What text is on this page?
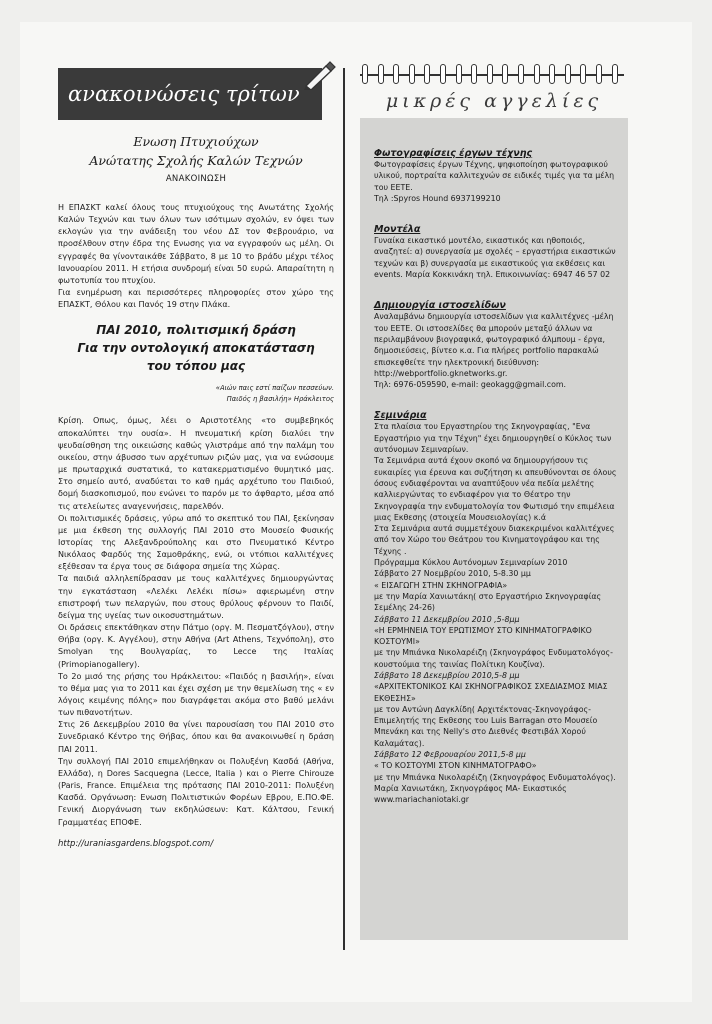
ανακοινώσεις τρίτων
Ενωση Πτυχιούχων
Ανώτατης Σχολής Καλών Τεχνών
ΑΝΑΚΟΙΝΩΣΗ

Η ΕΠΑΣΚΤ καλεί όλους τους πτυχιούχους της Ανωτάτης Σχολής Καλών Τεχνών και των όλων των ισότιμων σχολών, εν όψει των εκλογών για την ανάδειξη του νέου ΔΣ τον Φεβρουάριο, να προσέλθουν στην έδρα της Ενωσης για να εγγραφούν ως μέλη. Οι εγγραφές θα γίνονταικάθε Σάββατο, 8 με 10 το βράδυ μέχρι τέλος Ιανουαρίου 2011. Η ετήσια συνδρομή είναι 50 ευρώ. Απαραίτητη η φωτοτυπία του πτυχίου.

Για ενημέρωση και περισσότερες πληροφορίες στον χώρο της ΕΠΑΣΚΤ, Θόλου και Πανός 19 στην Πλάκα.

ΠΑΙ 2010, πολιτισμική δράση
Για την οντολογική αποκατάσταση
του τόπου μας
«Αιών παις εστί παίζων πεσσεύων.
Παιδός η βασιλήη» Ηράκλειτος

Κρίση. Οπως, όμως, λέει ο Αριστοτέλης «το συμβεβηκός αποκαλύπτει την ουσία». Η πνευματική κρίση διαλύει την ψευδαίσθηση της οικειώσης καθώς γλιστράμε από την παλάμη του οικείου, στην άβυσσο των αρχέτυπων ριζών μας, για να ενώσουμε με πρωταρχικά συστατικά, το κατακερματισμένο θυμητικό μας. Στο σημείο αυτό, αναδύεται το καθ ημάς αρχέτυπο του Παιδιού, δομή διασκοπισμού, που ενώνει το παρόν με το άφθαρτο, μέσα από τις ατελείωτες αναγεννήσεις, παρελθόν.

Οι πολιτισμικές δράσεις, γύρω από το σκεπτικό του ΠΑΙ, ξεκίνησαν με μια έκθεση της συλλογής ΠΑΙ 2010 στο Μουσείο Φυσικής Ιστορίας της Αλεξανδρούπολης και στο Πνευματικό Κέντρο Νικόλαος Φαρδύς της Σαμοθράκης, ενώ, οι ντόπιοι καλλιτέχνες εξέθεσαν τα έργα τους σε διάφορα σημεία της Χώρας.

Τα παιδιά αλληλεπίδρασαν με τους καλλιτέχνες δημιουργώντας την εγκατάσταση «Λελέκι Λελέκι πίσω» αφιερωμένη στην επιστροφή των πελαργών, που στους θρύλους φέρνουν το Παιδί, δείγμα της υγείας των οικοσυστημάτων.

Οι δράσεις επεκτάθηκαν στην Πάτμο (οργ. Μ. Πεσματζόγλου), στην Θήβα (οργ. Κ. Αγγέλου), στην Αθήνα (Art Athens, Τεχνόπολη), στο Smolyan της Βουλγαρίας, το Lecce της Ιταλίας (Primopianogallery).

Το 2ο μισό της ρήσης του Ηράκλειτου: «Παιδός η βασιλήη», είναι το θέμα μας για το 2011 και έχει σχέση με την θεμελίωση της « εν λόγοις κειμένης πόλης» που διαγράφεται ακόμα στο βαθύ μελάνι των πιθανοτήτων.

Στις 26 Δεκεμβρίου 2010 θα γίνει παρουσίαση του ΠΑΙ 2010 στο Συνεδριακό Κέντρο της Θήβας, όπου και θα ανακοινωθεί η δράση ΠΑΙ 2011.

Την συλλογή ΠΑΙ 2010 επιμελήθηκαν οι Πολυξένη Κασδά (Αθήνα, Ελλάδα), η Dores Sacquegna (Lecce, Italia ) και ο Pierre Chirouze (Paris, France. Επιμέλεια της πρότασης ΠΑΙ 2010-2011: Πολυξένη Κασδά. Οργάνωση: Ενωση Πολιτιστικών Φορέων Εβρου, Ε.ΠΟ.ΦΕ. Γενική Διοργάνωση των εκδηλώσεων: Κατ. Κάλτσου, Γενική Γραμματέας ΕΠΟΦΕ.

http://uraniasgardens.blogspot.com/
μικρές αγγελίες
Φωτογραφίσεις έργων τέχνης

Φωτογραφίσεις έργων Τέχνης, ψηφιοποίηση φωτογραφικού υλικού, πορτραίτα καλλιτεχνών σε ειδικές τιμές για τα μέλη του ΕΕΤΕ.

Τηλ :Spyros Hound 6937199210

Μοντέλα

Γυναίκα εικαστικό μοντέλο, εικαστικός και ηθοποιός, αναζητεί: α) συνεργασία με σχολές – εργαστήρια εικαστικών τεχνών και β) συνεργασία με εικαστικούς για εκθέσεις και events. Μαρία Κοκκινάκη τηλ. Επικοινωνίας: 6947 46 57 02

Δημιουργία ιστοσελίδων

Αναλαμβάνω δημιουργία ιστοσελίδων για καλλιτέχνες -μέλη του ΕΕΤΕ. Οι ιστοσελίδες θα μπορούν μεταξύ άλλων να περιλαμβάνουν βιογραφικά, φωτογραφικό άλμπουμ - έργα, δημοσιεύσεις, βίντεο κ.α. Για πλήρες portfolio παρακαλώ επισκεφθείτε την ηλεκτρονική διεύθυνση: http://webportfolio.gknetworks.gr.

Τηλ: 6976-059590, e-mail: geokagg@gmail.com.

Σεμινάρια

Στα πλαίσια του Εργαστηρίου της Σκηνογραφίας, "Ενα Εργαστήριο για την Τέχνη" έχει δημιουργηθεί ο Κύκλος των αυτόνομων Σεμιναρίων.

Τα Σεμινάρια αυτά έχουν σκοπό να δημιουργήσουν τις ευκαιρίες για έρευνα και συζήτηση κι απευθύνονται σε όλους όσους ενδιαφέρονται να αναπτύξουν νέα πεδία μελέτης καλλιεργώντας το ενδιαφέρον για το Θέατρο την Σκηνογραφία την ενδυματολογία τον Φωτισμό την επιμέλεια μιας Εκθεσης (στοιχεία Μουσειολογίας) κ.ά

Στα Σεμινάρια αυτά συμμετέχουν διακεκριμένοι καλλιτέχνες από τον Χώρο του Θεάτρου του Κινηματογράφου και της Τέχνης .

Πρόγραμμα Κύκλου Αυτόνομων Σεμιναρίων 2010

Σάββατο 27 Νοεμβρίου 2010, 5-8.30 μμ

« ΕΙΣΑΓΩΓΗ ΣΤΗΝ ΣΚΗΝΟΓΡΑΦΙΑ»

με την Μαρία Χανιωτάκη( στο Εργαστήριο Σκηνογραφίας Σεμέλης 24-26)

Σάββατο 11 Δεκεμβρίου 2010 ,5-8μμ

«Η ΕΡΜΗΝΕΙΑ ΤΟΥ ΕΡΩΤΙΣΜΟΥ ΣΤΟ ΚΙΝΗΜΑΤΟΓΡΑΦΙΚΟ ΚΟΣΤΟΥΜΙ»

με την Μπιάνκα Νικολαρέιζη (Σκηνογράφος Ενδυματολόγος- κουστούμια της ταινίας Πολίτικη Κουζίνα).

Σάββατο 18 Δεκεμβρίου 2010,5-8 μμ

«ΑΡΧΙΤΕΚΤΟΝΙΚΟΣ ΚΑΙ ΣΚΗΝΟΓΡΑΦΙΚΟΣ ΣΧΕΔΙΑΣΜΟΣ ΜΙΑΣ ΕΚΘΕΣΗΣ»

με τον Αντώνη Δαγκλίδη( Αρχιτέκτονας-Σκηνογράφος- Επιμελητής της Εκθεσης του Luis Barragan στο Μουσείο Μπενάκη και της Nelly's στο Διεθνές Φεστιβάλ Χορού Καλαμάτας).

Σάββατο 12 Φεβρουαρίου 2011,5-8 μμ

« ΤΟ ΚΟΣΤΟΥΜΙ ΣΤΟΝ ΚΙΝΗΜΑΤΟΓΡΑΦΟ»

με την Μπιάνκα Νικολαρέιζη (Σκηνογράφος Ενδυματολόγος).

Μαρία Χανιωτάκη, Σκηνογράφος ΜΑ- Εικαστικός

www.mariachaniotaki.gr
